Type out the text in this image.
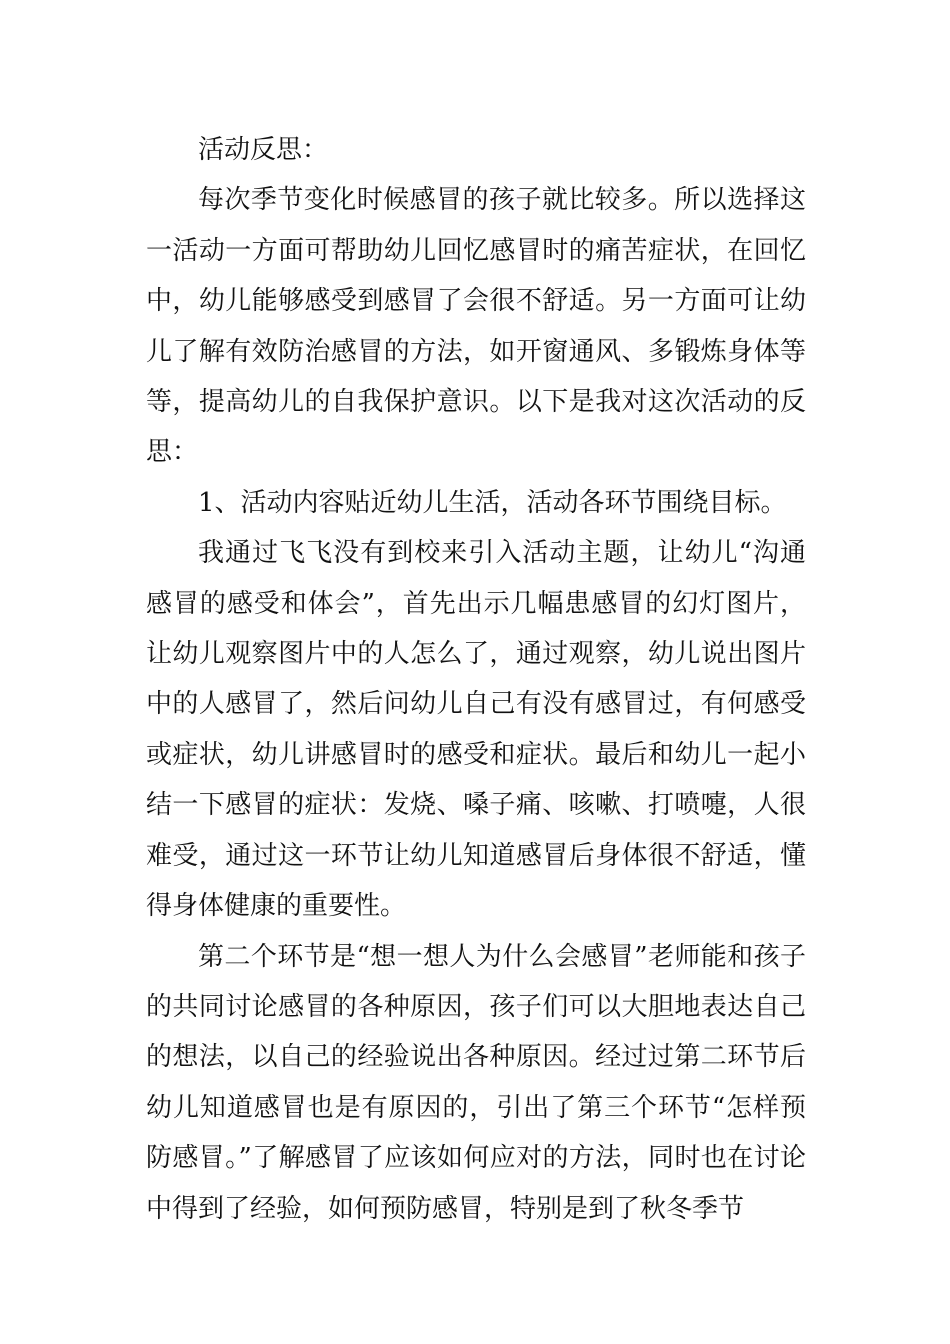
活动反思：

每次季节变化时候感冒的孩子就比较多。所以选择这一活动一方面可帮助幼儿回忆感冒时的痛苦症状，在回忆中，幼儿能够感受到感冒了会很不舒适。另一方面可让幼儿了解有效防治感冒的方法，如开窗通风、多锻炼身体等等，提高幼儿的自我保护意识。以下是我对这次活动的反思：

1、活动内容贴近幼儿生活，活动各环节围绕目标。

我通过飞飞没有到校来引入活动主题，让幼儿“沟通感冒的感受和体会”，首先出示几幅患感冒的幻灯图片，让幼儿观察图片中的人怎么了，通过观察，幼儿说出图片中的人感冒了，然后问幼儿自己有没有感冒过，有何感受或症状，幼儿讲感冒时的感受和症状。最后和幼儿一起小结一下感冒的症状：发烧、嗓子痛、咳嗽、打喷嚏，人很难受，通过这一环节让幼儿知道感冒后身体很不舒适，懂得身体健康的重要性。

第二个环节是“想一想人为什么会感冒”老师能和孩子的共同讨论感冒的各种原因，孩子们可以大胆地表达自己的想法，以自己的经验说出各种原因。经过过第二环节后幼儿知道感冒也是有原因的，引出了第三个环节“怎样预防感冒。”了解感冒了应该如何应对的方法，同时也在讨论中得到了经验，如何预防感冒，特别是到了秋冬季节
